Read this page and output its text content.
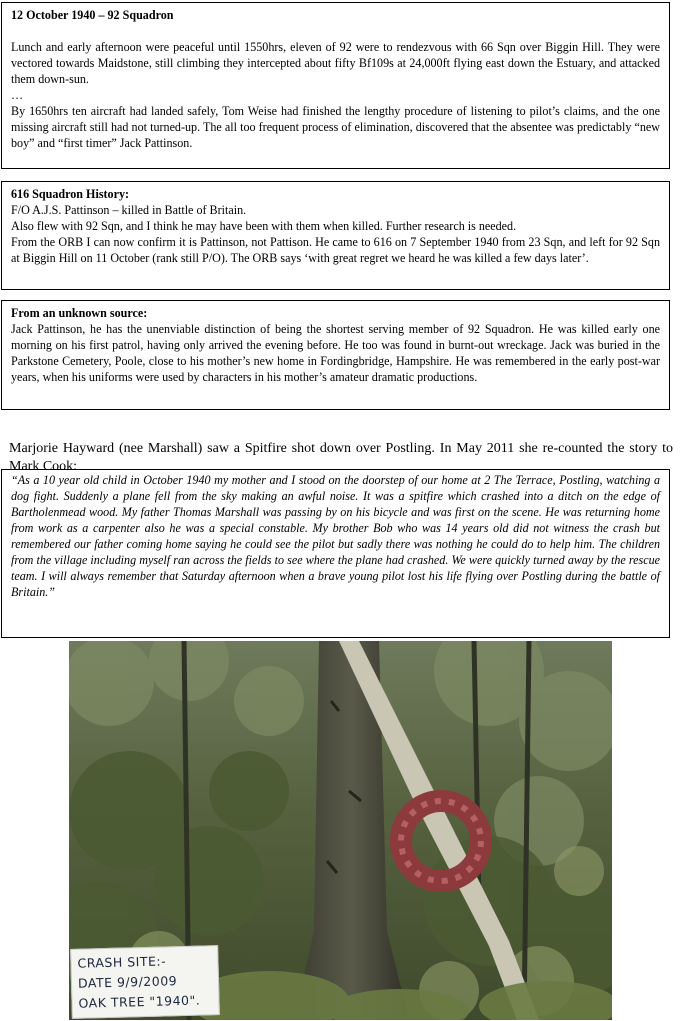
12 October 1940 – 92 Squadron

Lunch and early afternoon were peaceful until 1550hrs, eleven of 92 were to rendezvous with 66 Sqn over Biggin Hill. They were vectored towards Maidstone, still climbing they intercepted about fifty Bf109s at 24,000ft flying east down the Estuary, and attacked them down-sun.

…

By 1650hrs ten aircraft had landed safely, Tom Weise had finished the lengthy procedure of listening to pilot’s claims, and the one missing aircraft still had not turned-up. The all too frequent process of elimination, discovered that the absentee was predictably “new boy” and “first timer” Jack Pattinson.

616 Squadron History:

F/O A.J.S. Pattinson – killed in Battle of Britain.

Also flew with 92 Sqn, and I think he may have been with them when killed. Further research is needed.

From the ORB I can now confirm it is Pattinson, not Pattison. He came to 616 on 7 September 1940 from 23 Sqn, and left for 92 Sqn at Biggin Hill on 11 October (rank still P/O). The ORB says ‘with great regret we heard he was killed a few days later’.

From an unknown source:

Jack Pattinson, he has the unenviable distinction of being the shortest serving member of 92 Squadron. He was killed early one morning on his first patrol, having only arrived the evening before. He too was found in burnt-out wreckage. Jack was buried in the Parkstone Cemetery, Poole, close to his mother’s new home in Fordingbridge, Hampshire. He was remembered in the early post-war years, when his uniforms were used by characters in his mother’s amateur dramatic productions.

Marjorie Hayward (nee Marshall) saw a Spitfire shot down over Postling. In May 2011 she re-counted the story to Mark Cook:

“As a 10 year old child in October 1940 my mother and I stood on the doorstep of our home at 2 The Terrace, Postling, watching a dog fight. Suddenly a plane fell from the sky making an awful noise. It was a spitfire which crashed into a ditch on the edge of Bartholenmead wood. My father Thomas Marshall was passing by on his bicycle and was first on the scene. He was returning home from work as a carpenter also he was a special constable. My brother Bob who was 14 years old did not witness the crash but remembered our father coming home saying he could see the pilot but sadly there was nothing he could do to help him. The children from the village including myself ran across the fields to see where the plane had crashed. We were quickly turned away by the rescue team. I will always remember that Saturday afternoon when a brave young pilot lost his life flying over Postling during the battle of Britain.”

CRASH SITE:-
DATE 9/9/2009
OAK TREE "1940".
